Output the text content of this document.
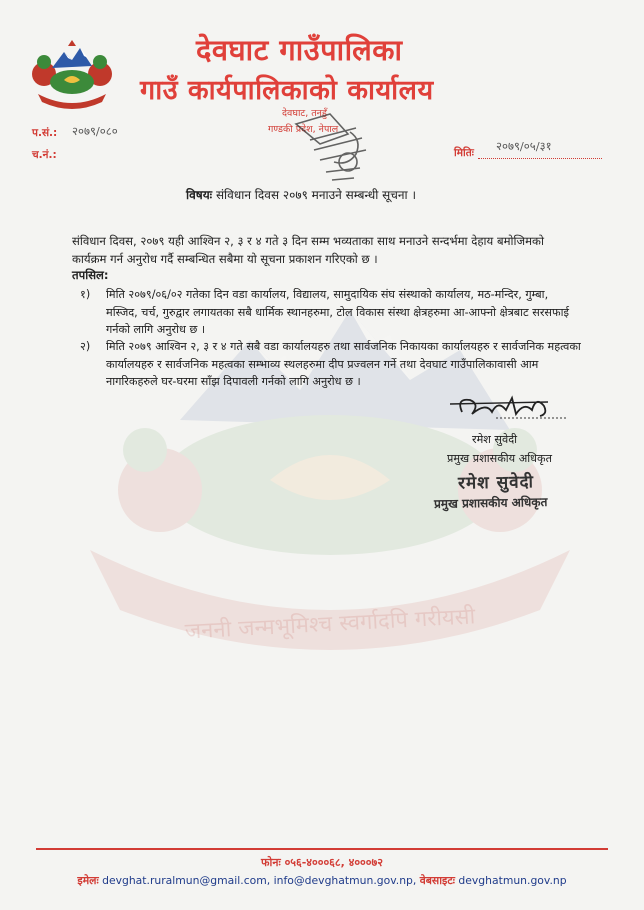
जननी जन्मभूमिश्च स्वर्गादपि गरीयसी
देवघाट गाउँपालिका
गाउँ कार्यपालिकाको कार्यालय
देवघाट, तनहुँ
गण्डकी प्रदेश, नेपाल
प.सं.: २०७९/०८०
च.नं.:	मितिः २०७९/०५/३१
विषयः संविधान दिवस २०७९ मनाउने सम्बन्धी सूचना ।
संविधान दिवस, २०७९ यही आश्विन २, ३ र ४ गते ३ दिन सम्म भव्यताका साथ मनाउने सन्दर्भमा देहाय बमोजिमको कार्यक्रम गर्न अनुरोध गर्दै सम्बन्धित सबैमा यो सूचना प्रकाशन गरिएको छ ।
तपसिल:
१) मिति २०७९/०६/०२ गतेका दिन वडा कार्यालय, विद्यालय, सामुदायिक संघ संस्थाको कार्यालय, मठ-मन्दिर, गुम्बा, मस्जिद, चर्च, गुरुद्वार लगायतका सबै धार्मिक स्थानहरुमा, टोल विकास संस्था क्षेत्रहरुमा आ-आफ्नो क्षेत्रबाट सरसफाई गर्नको लागि अनुरोध छ ।
२) मिति २०७९ आश्विन २, ३ र ४ गते सबै वडा कार्यालयहरु तथा सार्वजनिक निकायका कार्यालयहरु र सार्वजनिक महत्वका कार्यालयहरु र सार्वजनिक महत्वका सम्भाव्य स्थलहरुमा दीप प्रज्वलन गर्ने तथा देवघाट गाउँपालिकावासी आम नागरिकहरुले घर-घरमा साँझ दिपावली गर्नको लागि अनुरोध छ ।
रमेश सुवेदी
प्रमुख प्रशासकीय अधिकृत
रमेश सुवेदी
प्रमुख प्रशासकीय अधिकृत
फोनः ०५६-४०००६८, ४०००७२
इमेलः devghat.ruralmun@gmail.com, info@devghatmun.gov.np, वेबसाइटः devghatmun.gov.np
